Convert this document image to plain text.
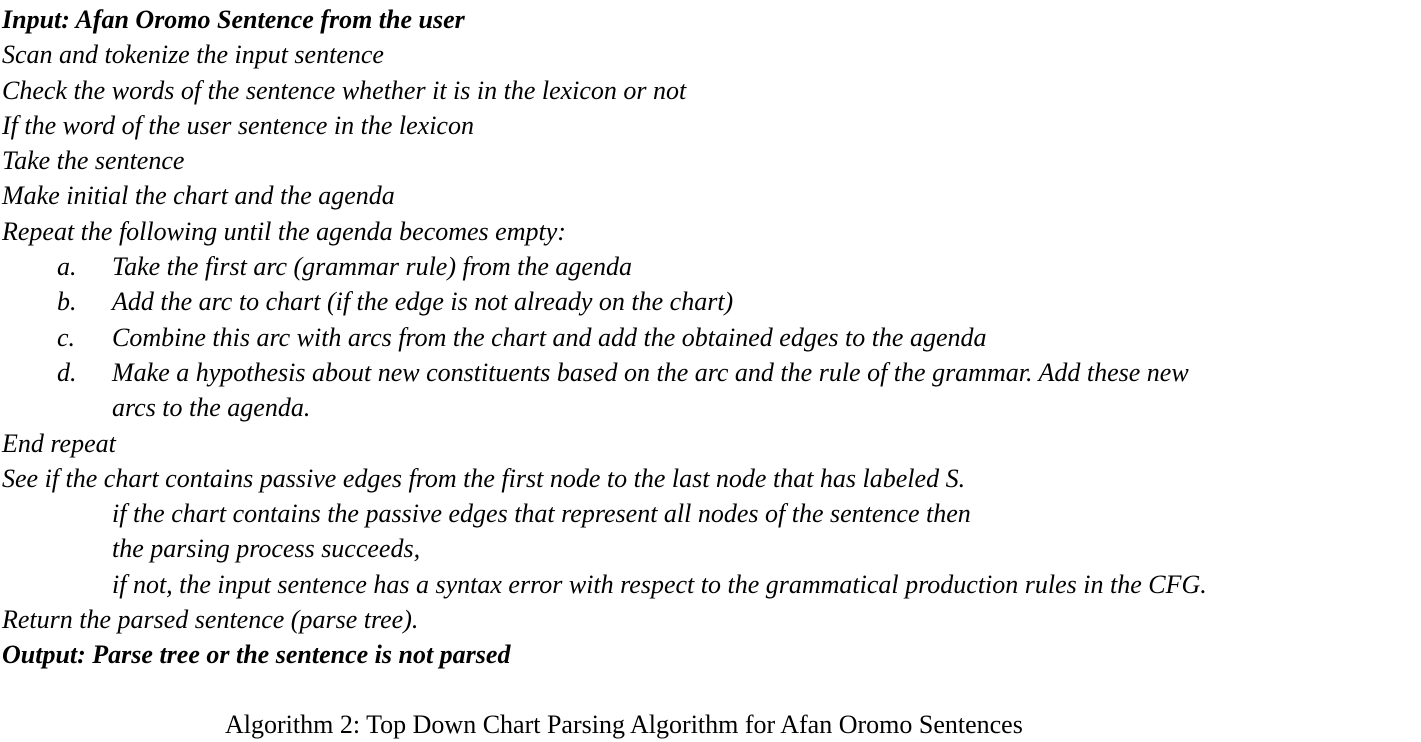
Input: Afan Oromo Sentence from the user
Scan and tokenize the input sentence
Check the words of the sentence whether it is in the lexicon or not
If the word of the user sentence in the lexicon
Take the sentence
Make initial the chart and the agenda
Repeat the following until the agenda becomes empty:
a. Take the first arc (grammar rule) from the agenda
b. Add the arc to chart (if the edge is not already on the chart)
c. Combine this arc with arcs from the chart and add the obtained edges to the agenda
d. Make a hypothesis about new constituents based on the arc and the rule of the grammar. Add these new
arcs to the agenda.
End repeat
See if the chart contains passive edges from the first node to the last node that has labeled S.
if the chart contains the passive edges that represent all nodes of the sentence then
the parsing process succeeds,
if not, the input sentence has a syntax error with respect to the grammatical production rules in the CFG.
Return the parsed sentence (parse tree).
Output: Parse tree or the sentence is not parsed
Algorithm 2: Top Down Chart Parsing Algorithm for Afan Oromo Sentences
